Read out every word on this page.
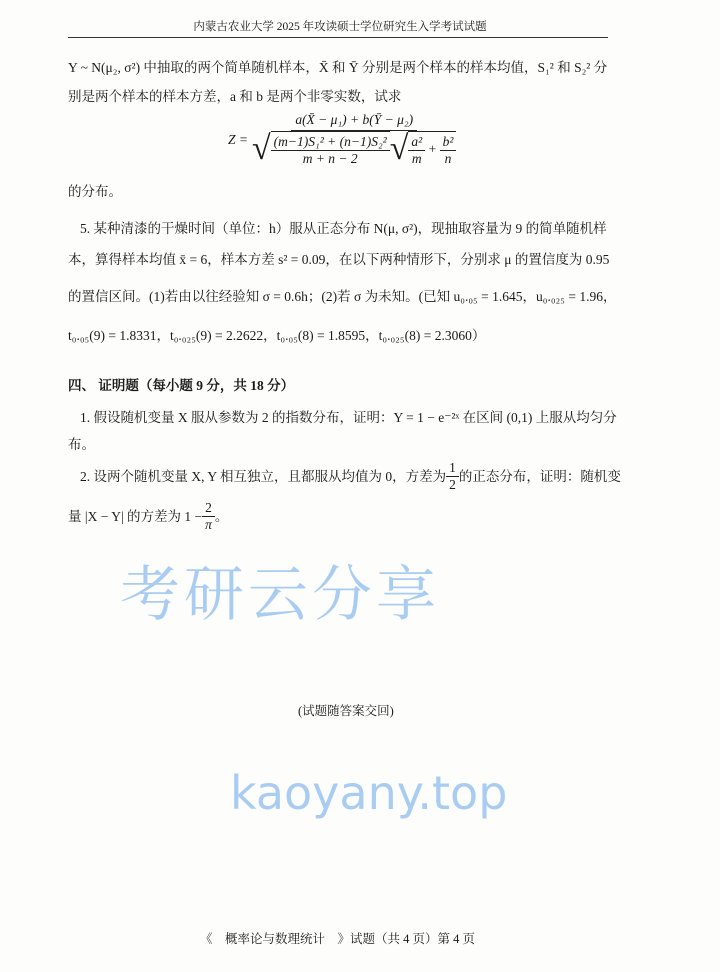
内蒙古农业大学 2025 年攻读硕士学位研究生入学考试试题
考研云分享
kaoyany.top
Y ~ N(μ₂, σ²) 中抽取的两个简单随机样本，X̄ 和 Ȳ 分别是两个样本的样本均值，S₁² 和 S₂² 分
别是两个样本的样本方差，a 和 b 是两个非零实数，试求
$Z = \frac{\text{a(X̄ − μ₁) + b(Ȳ − μ₂)}}{√ \frac{\text{(m−1)S₁² + (n−1)S₂²}}{m + n - 2} √ \frac{\text{a²}}{m} + \frac{\text{b²}}{n}}$
的分布。
5. 某种清漆的干燥时间（单位：h）服从正态分布 N(μ, σ²)，现抽取容量为 9 的简单随机样
本，算得样本均值 x̄ = 6，样本方差 s² = 0.09，在以下两种情形下，分别求 μ 的置信度为 0.95
的置信区间。(1)若由以往经验知 σ = 0.6h；(2)若 σ 为未知。(已知 u₀.₀₅ = 1.645，u₀.₀₂₅ = 1.96，
t₀.₀₅(9) = 1.8331，t₀.₀₂₅(9) = 2.2622，t₀.₀₅(8) = 1.8595，t₀.₀₂₅(8) = 2.3060）
四、 证明题（每小题 9 分，共 18 分）
1. 假设随机变量 X 服从参数为 2 的指数分布，证明：Y = 1 − e⁻²ˣ 在区间 (0,1) 上服从均匀分
布。
2. 设两个随机变量 X, Y 相互独立，且都服从均值为 0，方差为 $\frac{1}{2}$ 的正态分布，证明：随机变
量 |X − Y| 的方差为 $1 - \frac{2}{\pi}$ 。
(试题随答案交回)
《　概率论与数理统计　》试题（共 4 页）第 4 页
